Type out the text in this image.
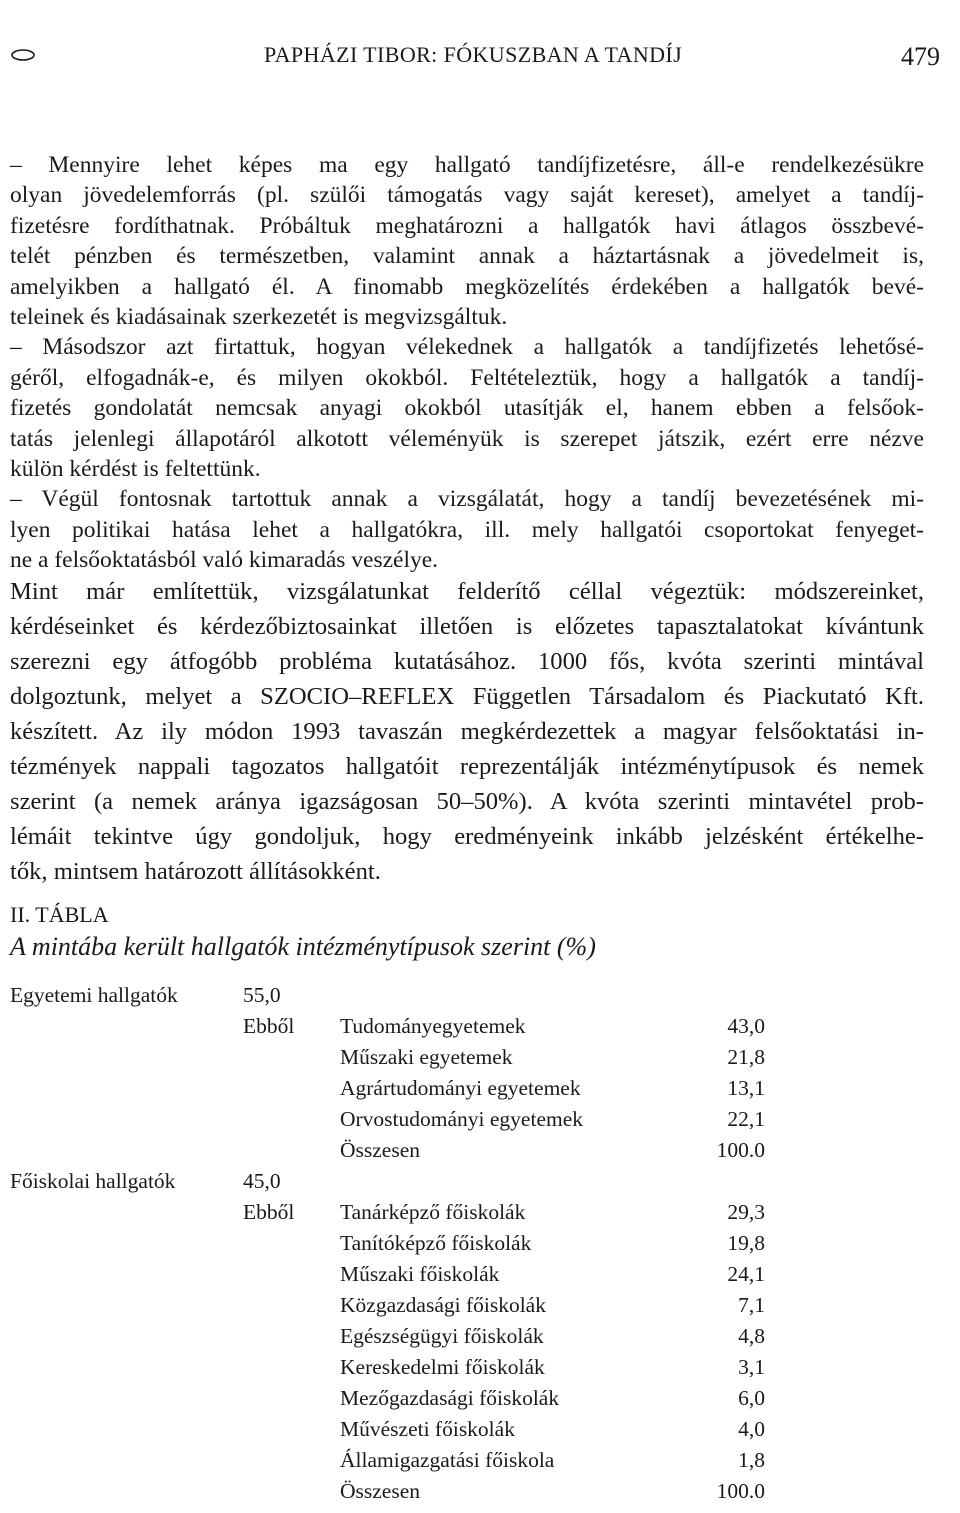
PAPHÁZI TIBOR: FÓKUSZBAN A TANDÍJ	479
– Mennyire lehet képes ma egy hallgató tandíjfizetésre, áll-e rendelkezésükre
olyan jövedelemforrás (pl. szülői támogatás vagy saját kereset), amelyet a tandíj-
fizetésre fordíthatnak. Próbáltuk meghatározni a hallgatók havi átlagos összbevé-
telét pénzben és természetben, valamint annak a háztartásnak a jövedelmeit is,
amelyikben a hallgató él. A finomabb megközelítés érdekében a hallgatók bevé-
teleinek és kiadásainak szerkezetét is megvizsgáltuk.
– Másodszor azt firtattuk, hogyan vélekednek a hallgatók a tandíjfizetés lehetősé-
géről, elfogadnák-e, és milyen okokból. Feltételeztük, hogy a hallgatók a tandíj-
fizetés gondolatát nemcsak anyagi okokból utasítják el, hanem ebben a felsőok-
tatás jelenlegi állapotáról alkotott véleményük is szerepet játszik, ezért erre nézve
külön kérdést is feltettünk.
– Végül fontosnak tartottuk annak a vizsgálatát, hogy a tandíj bevezetésének mi-
lyen politikai hatása lehet a hallgatókra, ill. mely hallgatói csoportokat fenyeget-
ne a felsőoktatásból való kimaradás veszélye.
Mint már említettük, vizsgálatunkat felderítő céllal végeztük: módszereinket,
kérdéseinket és kérdezőbiztosainkat illetően is előzetes tapasztalatokat kívántunk
szerezni egy átfogóbb probléma kutatásához. 1000 fős, kvóta szerinti mintával
dolgoztunk, melyet a SZOCIO–REFLEX Független Társadalom és Piackutató Kft.
készített. Az ily módon 1993 tavaszán megkérdezettek a magyar felsőoktatási in-
tézmények nappali tagozatos hallgatóit reprezentálják intézménytípusok és nemek
szerint (a nemek aránya igazságosan 50–50%). A kvóta szerinti mintavétel prob-
lémáit tekintve úgy gondoljuk, hogy eredményeink inkább jelzésként értékelhe-
tők, mintsem határozott állításokként.
II. TÁBLA
A mintába került hallgatók intézménytípusok szerint (%)
Egyetemi hallgatók	55,0
Ebből Tudományegyetemek	43,0
Műszaki egyetemek	21,8
Agrártudományi egyetemek	13,1
Orvostudományi egyetemek	22,1
Összesen	100.0
Főiskolai hallgatók	45,0
Ebből Tanárképző főiskolák	29,3
Tanítóképző főiskolák	19,8
Műszaki főiskolák	24,1
Közgazdasági főiskolák	7,1
Egészségügyi főiskolák	4,8
Kereskedelmi főiskolák	3,1
Mezőgazdasági főiskolák	6,0
Művészeti főiskolák	4,0
Államigazgatási főiskola	1,8
Összesen	100.0
